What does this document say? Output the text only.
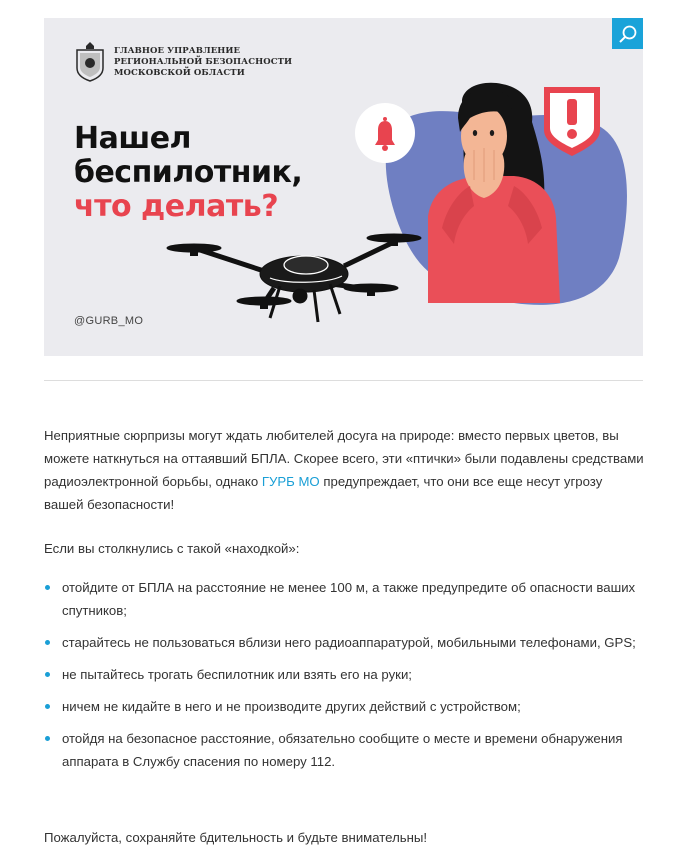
ГЛАВНОЕ УПРАВЛЕНИЕ
РЕГИОНАЛЬНОЙ БЕЗОПАСНОСТИ
МОСКОВСКОЙ ОБЛАСТИ
Нашел
беспилотник,
что делать?
@GURB_MO

Неприятные сюрпризы могут ждать любителей досуга на природе: вместо первых цветов, вы можете наткнуться на оттаявший БПЛА. Скорее всего, эти «птички» были подавлены средствами радиоэлектронной борьбы, однако ГУРБ МО предупреждает, что они все еще несут угрозу вашей безопасности!

Если вы столкнулись с такой «находкой»:

отойдите от БПЛА на расстояние не менее 100 м, а также предупредите об опасности ваших спутников;
старайтесь не пользоваться вблизи него радиоаппаратурой, мобильными телефонами, GPS;
не пытайтесь трогать беспилотник или взять его на руки;
ничем не кидайте в него и не производите других действий с устройством;
отойдя на безопасное расстояние, обязательно сообщите о месте и времени обнаружения аппарата в Службу спасения по номеру 112.
Пожалуйста, сохраняйте бдительность и будьте внимательны!
